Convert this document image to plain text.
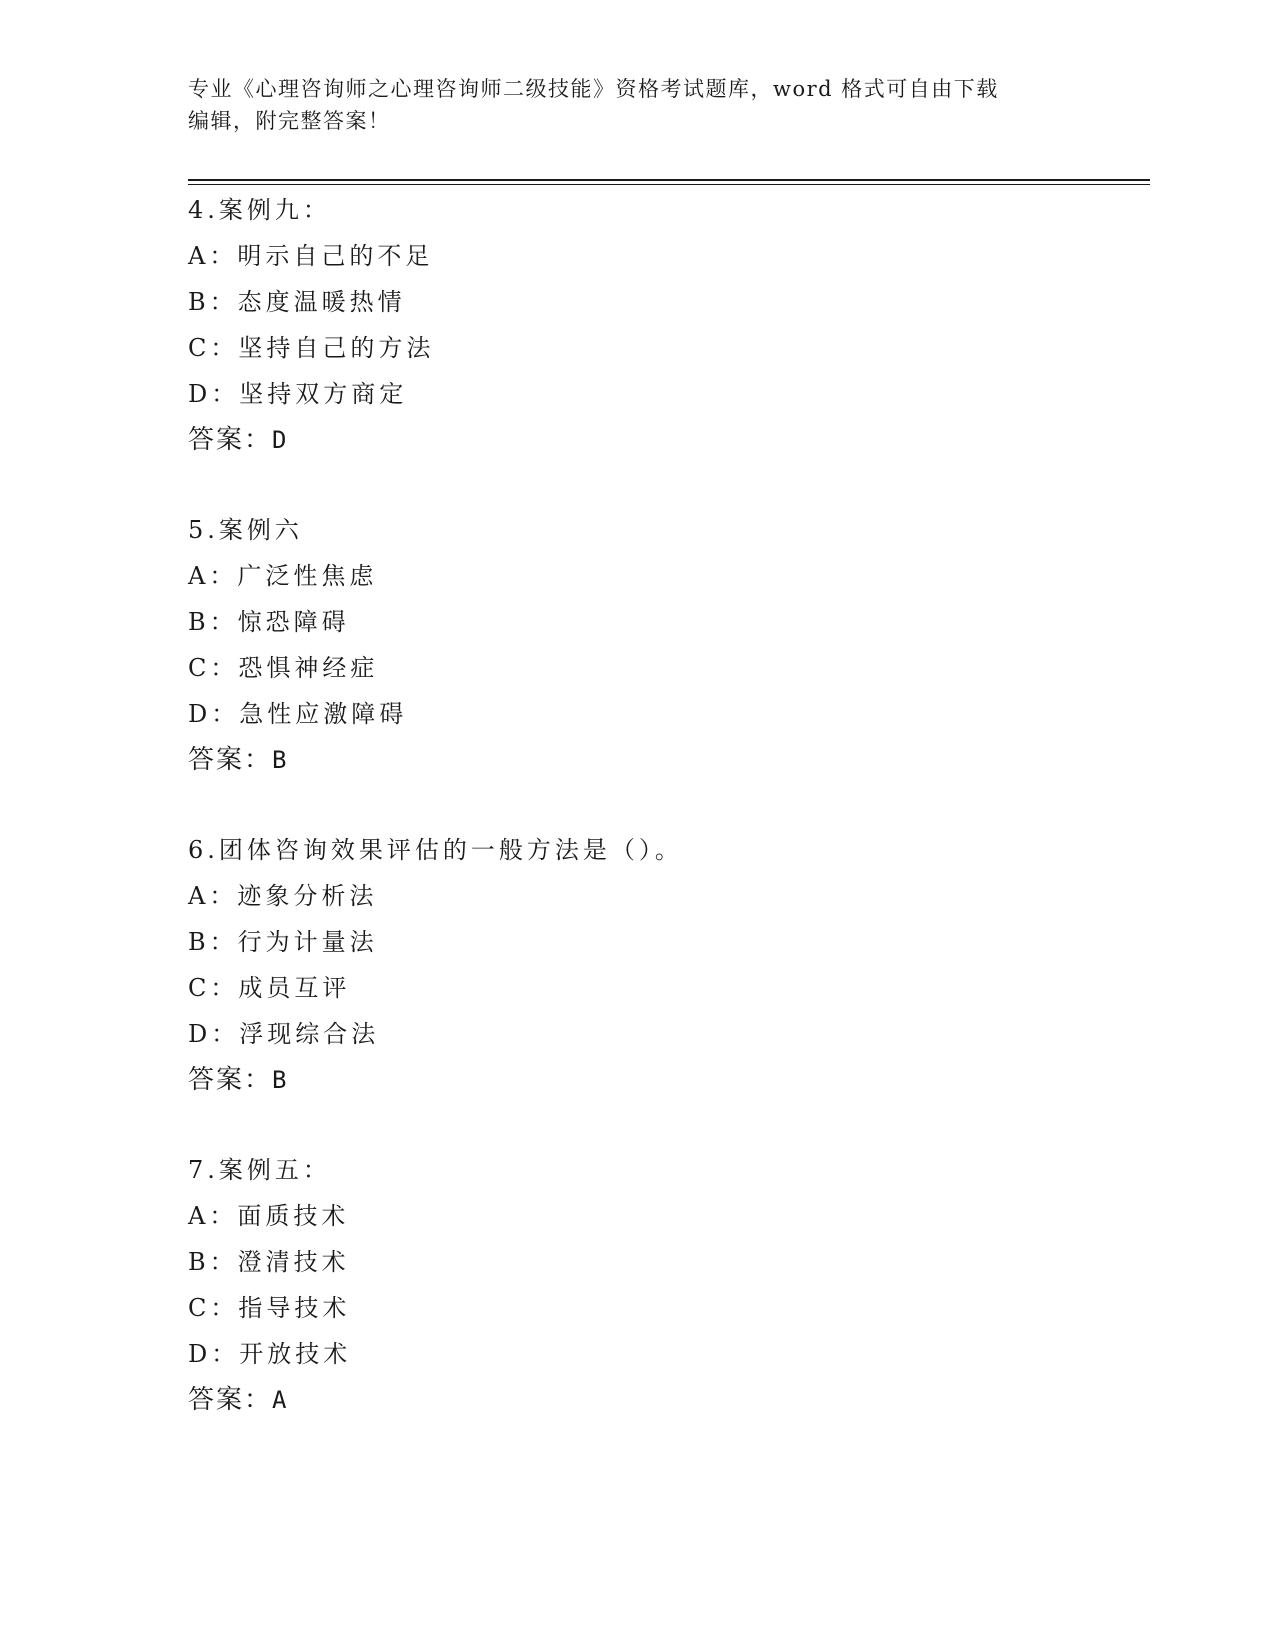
专业《心理咨询师之心理咨询师二级技能》资格考试题库，word 格式可自由下载
编辑，附完整答案！
4.案例九：
A：明示自己的不足
B：态度温暖热情
C：坚持自己的方法
D：坚持双方商定
答案：D
5.案例六
A：广泛性焦虑
B：惊恐障碍
C：恐惧神经症
D：急性应激障碍
答案：B
6.团体咨询效果评估的一般方法是（）。
A：迹象分析法
B：行为计量法
C：成员互评
D：浮现综合法
答案：B
7.案例五：
A：面质技术
B：澄清技术
C：指导技术
D：开放技术
答案：A
